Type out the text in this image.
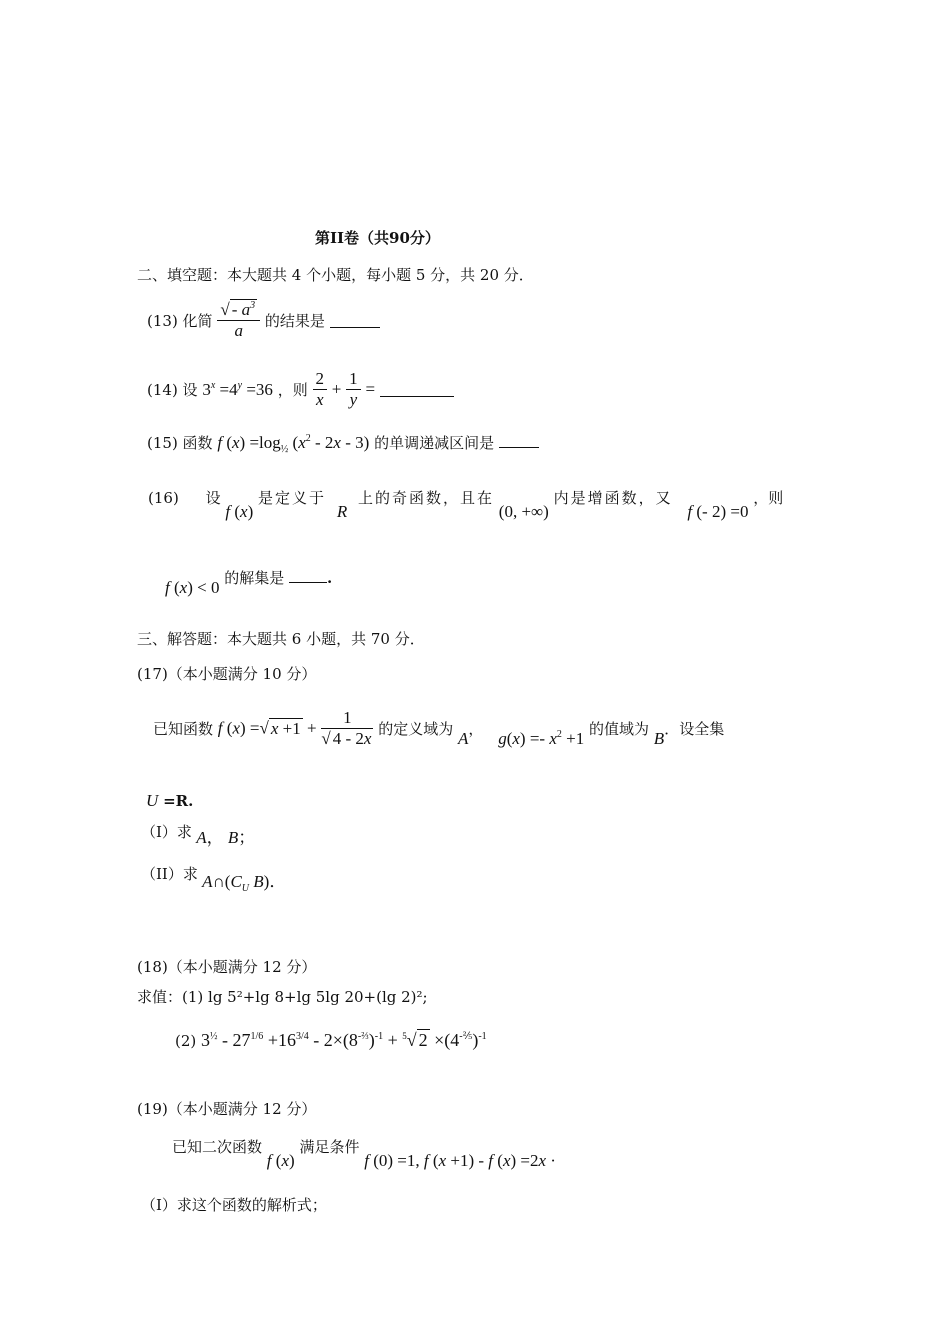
第II卷（共90分）
二、填空题：本大题共 4 个小题，每小题 5 分，共 20 分．
(13) 化简 $\frac{√ - a^3}{a}$ 的结果是
(14) 设 $3^x =4^y =36$ ，则 $\frac{2}{x} + \frac{1}{y}$ =
(15) 函数 f $(x) =\log_{\frac{1}{2}}$ $(x^2 - 2x - 3)$ 的单调递减区间是
(16) 设 f (x) 是定义于 R 上的奇函数，且在 (0, +∞) 内是增函数，又 f (- 2) =0 ，则
f (x) < 0 的解集是	.
三、解答题：本大题共 6 小题，共 70 分．
(17)（本小题满分 10 分）
已知函数 f (x) =√ $x +1 + \frac{1}{√ 4 - 2x}$ 的定义域为 A， $g(x) =- x^2 +1$ 的值域为 B．设全集
U =R.
（I）求 A， B；
（II）求 $A\cap(C_U$ B)．
(18)（本小题满分 12 分）
求值：(1) lg 5²+lg 8+lg 5lg 20+(lg 2)²;
(2) $3^{\frac{1}{2}} - 27^{1/6} +16^{3/4} - 2\times(8^{-\frac{2}{3}})^{-1} + ^5√$ $2 \times(4^{-\frac{2}{5}})^{-1}$
(19)（本小题满分 12 分）
已知二次函数 f (x) 满足条件 f (0) =1, f (x +1) - f (x) =2x ·
（I）求这个函数的解析式；
